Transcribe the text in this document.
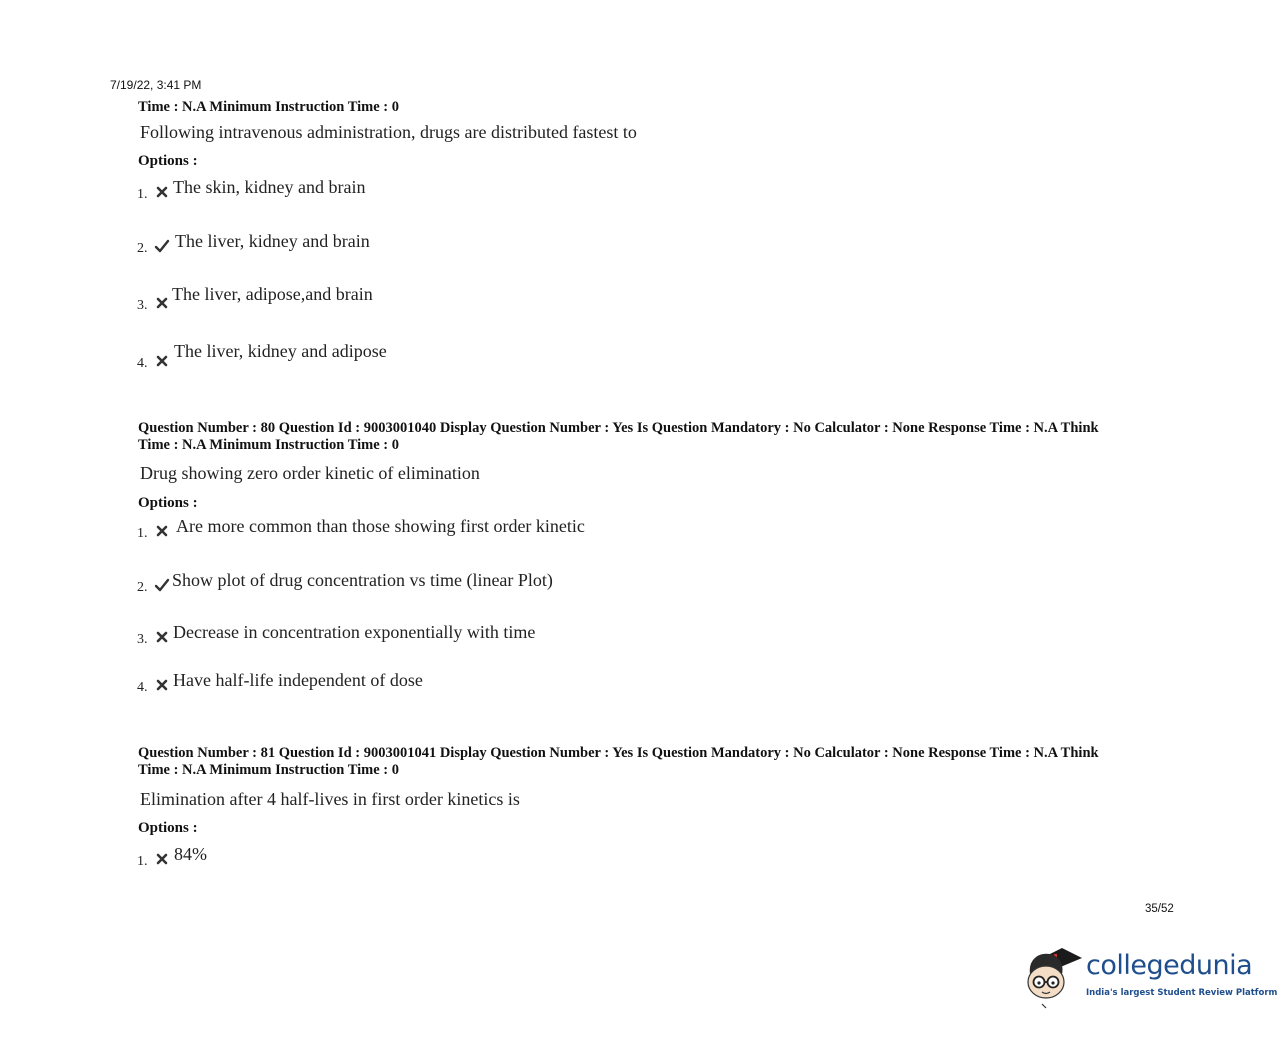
7/19/22, 3:41 PM
Time : N.A Minimum Instruction Time : 0
Following intravenous administration, drugs are distributed fastest to
Options :
1. The skin, kidney and brain
2. The liver, kidney and brain
3.
The liver, adipose,and brain
4.
The liver, kidney and adipose
Question Number : 80 Question Id : 9003001040 Display Question Number : Yes Is Question Mandatory : No Calculator : None Response Time : N.A Think
Time : N.A Minimum Instruction Time : 0
Drug showing zero order kinetic of elimination
Options :
1. Are more common than those showing first order kinetic
2. Show plot of drug concentration vs time (linear Plot)
3. Decrease in concentration exponentially with time
4. Have half-life independent of dose
Question Number : 81 Question Id : 9003001041 Display Question Number : Yes Is Question Mandatory : No Calculator : None Response Time : N.A Think
Time : N.A Minimum Instruction Time : 0
Elimination after 4 half-lives in first order kinetics is
Options :
1. 84%
35/52
collegedunia
India's largest Student Review Platform
